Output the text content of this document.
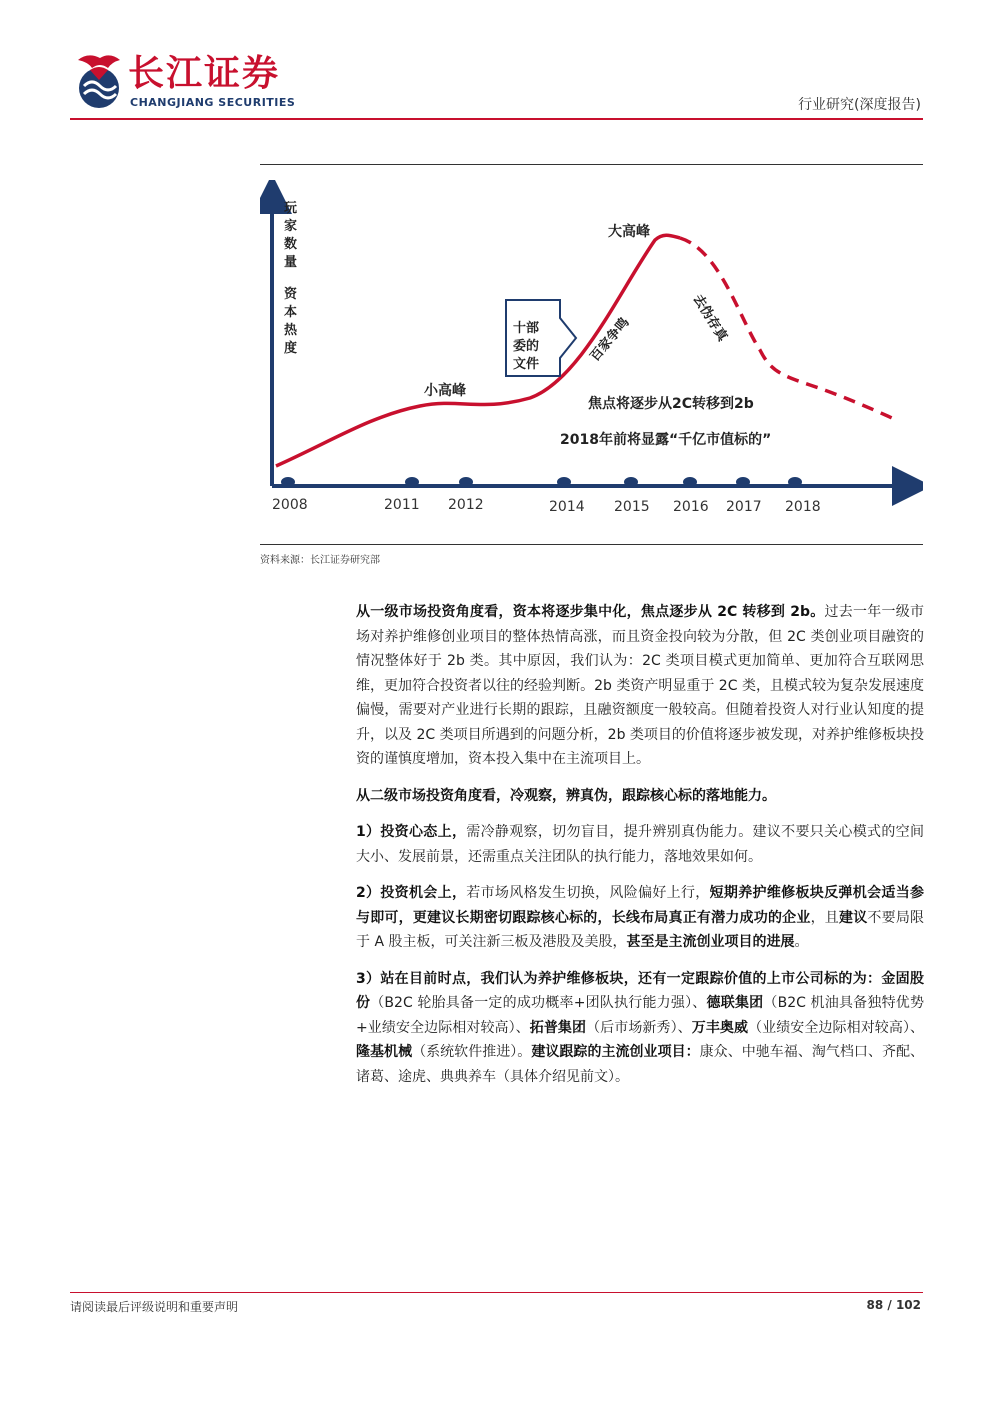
长江证券
CHANGJIANG SECURITIES	行业研究(深度报告)
玩
家
数
量
资
本
热
度
2008	2011 2012	2014 2015 2016 2017 2018
小高峰
大高峰
十部
委的
文件	百家争鸣	去伪存真
焦点将逐步从2C转移到2b
2018年前将显露“千亿市值标的”
资料来源：长江证券研究部

从一级市场投资角度看，资本将逐步集中化，焦点逐步从 2C 转移到 2b。过去一年一级市场对养护维修创业项目的整体热情高涨，而且资金投向较为分散，但 2C 类创业项目融资的情况整体好于 2b 类。其中原因，我们认为：2C 类项目模式更加简单、更加符合互联网思维，更加符合投资者以往的经验判断。2b 类资产明显重于 2C 类，且模式较为复杂发展速度偏慢，需要对产业进行长期的跟踪，且融资额度一般较高。但随着投资人对行业认知度的提升，以及 2C 类项目所遇到的问题分析，2b 类项目的价值将逐步被发现，对养护维修板块投资的谨慎度增加，资本投入集中在主流项目上。

从二级市场投资角度看，冷观察，辨真伪，跟踪核心标的落地能力。

1）投资心态上，需冷静观察，切勿盲目，提升辨别真伪能力。建议不要只关心模式的空间大小、发展前景，还需重点关注团队的执行能力，落地效果如何。

2）投资机会上，若市场风格发生切换，风险偏好上行，短期养护维修板块反弹机会适当参与即可，更建议长期密切跟踪核心标的，长线布局真正有潜力成功的企业，且建议不要局限于 A 股主板，可关注新三板及港股及美股，甚至是主流创业项目的进展。

3）站在目前时点，我们认为养护维修板块，还有一定跟踪价值的上市公司标的为：金固股份（B2C 轮胎具备一定的成功概率+团队执行能力强）、德联集团（B2C 机油具备独特优势+业绩安全边际相对较高）、拓普集团（后市场新秀）、万丰奥威（业绩安全边际相对较高）、隆基机械（系统软件推进）。建议跟踪的主流创业项目：康众、中驰车福、淘气档口、齐配、诸葛、途虎、典典养车（具体介绍见前文）。

请阅读最后评级说明和重要声明	88 / 102
